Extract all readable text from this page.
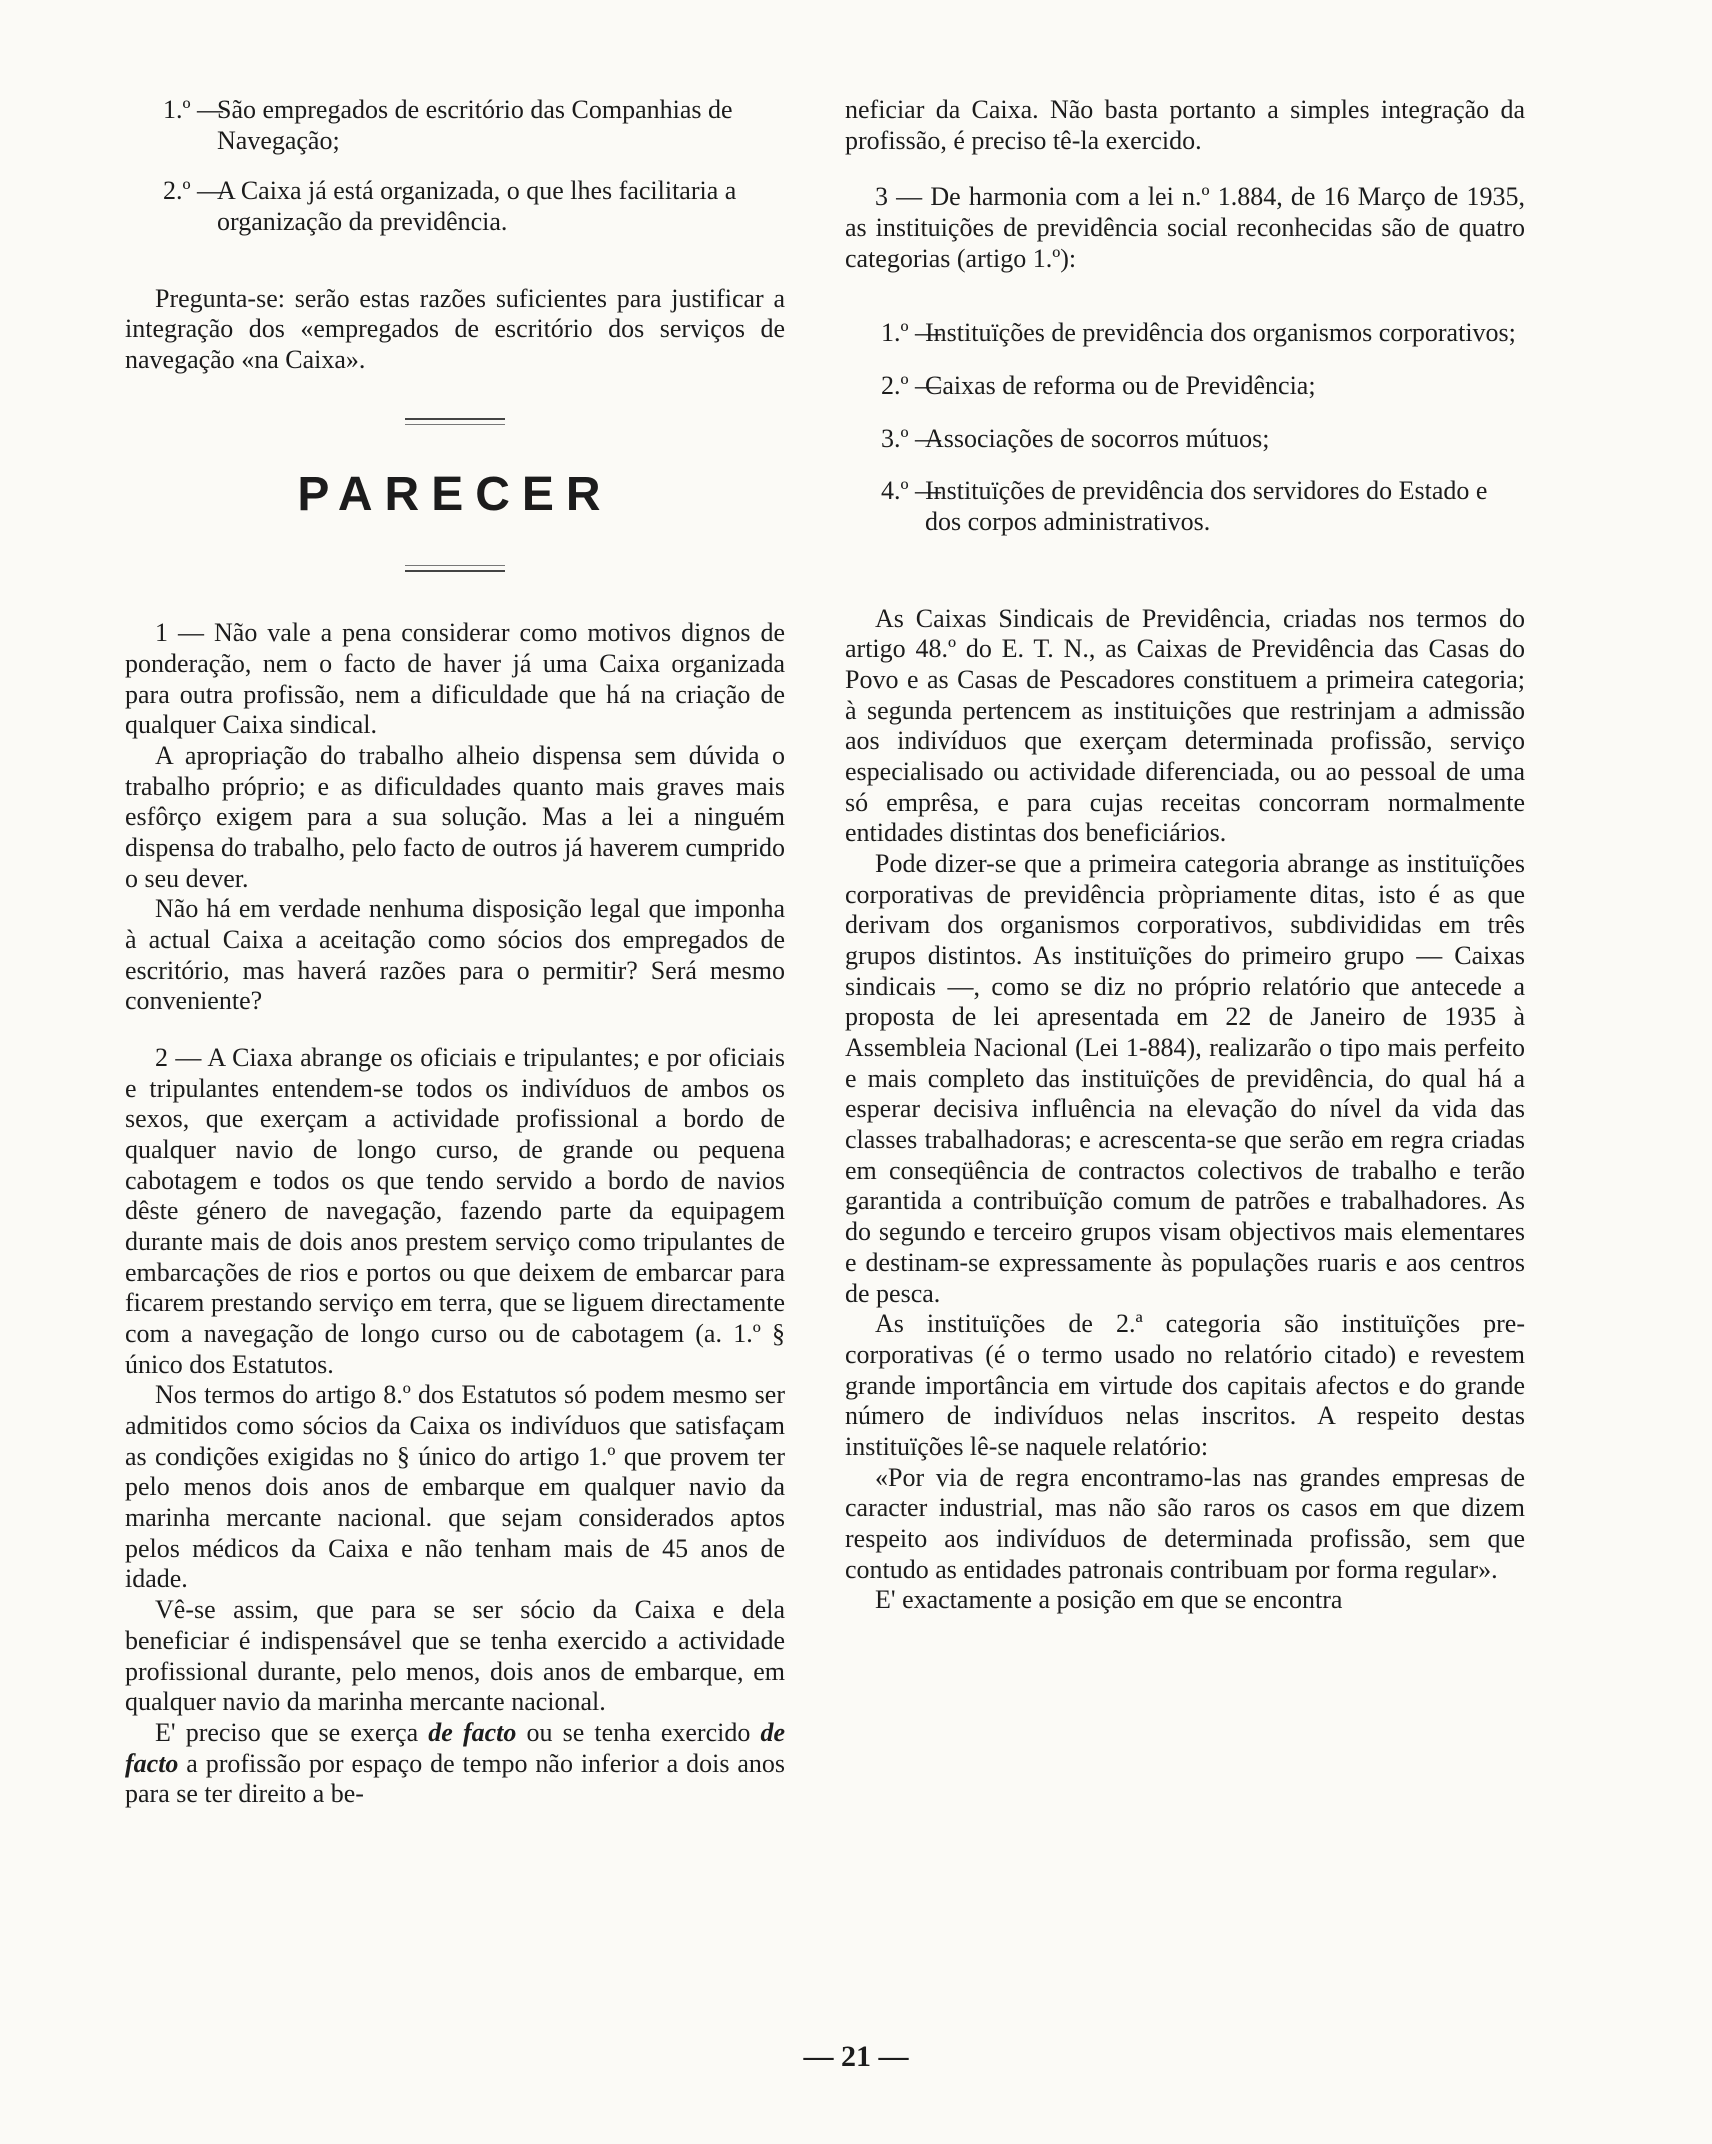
1.º —
São empregados de escritório das Companhias de Navegação;
2.º —
A Caixa já está organizada, o que lhes facilitaria a organização da previdência.

Pregunta-se: serão estas razões suficientes para justificar a integração dos «empregados de escritório dos serviços de navegação «na Caixa».

PARECER

1 — Não vale a pena considerar como motivos dignos de ponderação, nem o facto de haver já uma Caixa organizada para outra profissão, nem a dificuldade que há na criação de qualquer Caixa sindical.

A apropriação do trabalho alheio dispensa sem dúvida o trabalho próprio; e as dificuldades quanto mais graves mais esfôrço exigem para a sua solução. Mas a lei a ninguém dispensa do trabalho, pelo facto de outros já haverem cumprido o seu dever.

Não há em verdade nenhuma disposição legal que imponha à actual Caixa a aceitação como sócios dos empregados de escritório, mas haverá razões para o permitir? Será mesmo conveniente?

2 — A Ciaxa abrange os oficiais e tripulantes; e por oficiais e tripulantes entendem-se todos os indivíduos de ambos os sexos, que exerçam a actividade profissional a bordo de qualquer navio de longo curso, de grande ou pequena cabotagem e todos os que tendo servido a bordo de navios dêste género de navegação, fazendo parte da equipagem durante mais de dois anos prestem serviço como tripulantes de embarcações de rios e portos ou que deixem de embarcar para ficarem prestando serviço em terra, que se liguem directamente com a navegação de longo curso ou de cabotagem (a. 1.º § único dos Estatutos.

Nos termos do artigo 8.º dos Estatutos só podem mesmo ser admitidos como sócios da Caixa os indivíduos que satisfaçam as condições exigidas no § único do artigo 1.º que provem ter pelo menos dois anos de embarque em qualquer navio da marinha mercante nacional. que sejam considerados aptos pelos médicos da Caixa e não tenham mais de 45 anos de idade.

Vê-se assim, que para se ser sócio da Caixa e dela beneficiar é indispensável que se tenha exercido a actividade profissional durante, pelo menos, dois anos de embarque, em qualquer navio da marinha mercante nacional.

E' preciso que se exerça de facto ou se tenha exercido de facto a profissão por espaço de tempo não inferior a dois anos para se ter direito a be-

neficiar da Caixa. Não basta portanto a simples integração da profissão, é preciso tê-la exercido.

3 — De harmonia com a lei n.º 1.884, de 16 Março de 1935, as instituições de previdência social reconhecidas são de quatro categorias (artigo 1.º):

1.º —
Instituïções de previdência dos organismos corporativos;
2.º —
Caixas de reforma ou de Previdência;
3.º —
Associações de socorros mútuos;
4.º —
Instituïções de previdência dos servidores do Estado e dos corpos administrativos.

As Caixas Sindicais de Previdência, criadas nos termos do artigo 48.º do E. T. N., as Caixas de Previdência das Casas do Povo e as Casas de Pescadores constituem a primeira categoria; à segunda pertencem as instituições que restrinjam a admissão aos indivíduos que exerçam determinada profissão, serviço especialisado ou actividade diferenciada, ou ao pessoal de uma só emprêsa, e para cujas receitas concorram normalmente entidades distintas dos beneficiários.

Pode dizer-se que a primeira categoria abrange as instituïções corporativas de previdência pròpriamente ditas, isto é as que derivam dos organismos corporativos, subdivididas em três grupos distintos. As instituïções do primeiro grupo — Caixas sindicais —, como se diz no próprio relatório que antecede a proposta de lei apresentada em 22 de Janeiro de 1935 à Assembleia Nacional (Lei 1-884), realizarão o tipo mais perfeito e mais completo das instituïções de previdência, do qual há a esperar decisiva influência na elevação do nível da vida das classes trabalhadoras; e acrescenta-se que serão em regra criadas em conseqüência de contractos colectivos de trabalho e terão garantida a contribuïção comum de patrões e trabalhadores. As do segundo e terceiro grupos visam objectivos mais elementares e destinam-se expressamente às populações ruaris e aos centros de pesca.

As instituïções de 2.ª categoria são instituïções pre-corporativas (é o termo usado no relatório citado) e revestem grande importância em virtude dos capitais afectos e do grande número de indivíduos nelas inscritos. A respeito destas instituïções lê-se naquele relatório:

«Por via de regra encontramo-las nas grandes empresas de caracter industrial, mas não são raros os casos em que dizem respeito aos indivíduos de determinada profissão, sem que contudo as entidades patronais contribuam por forma regular».

E' exactamente a posição em que se encontra

— 21 —
